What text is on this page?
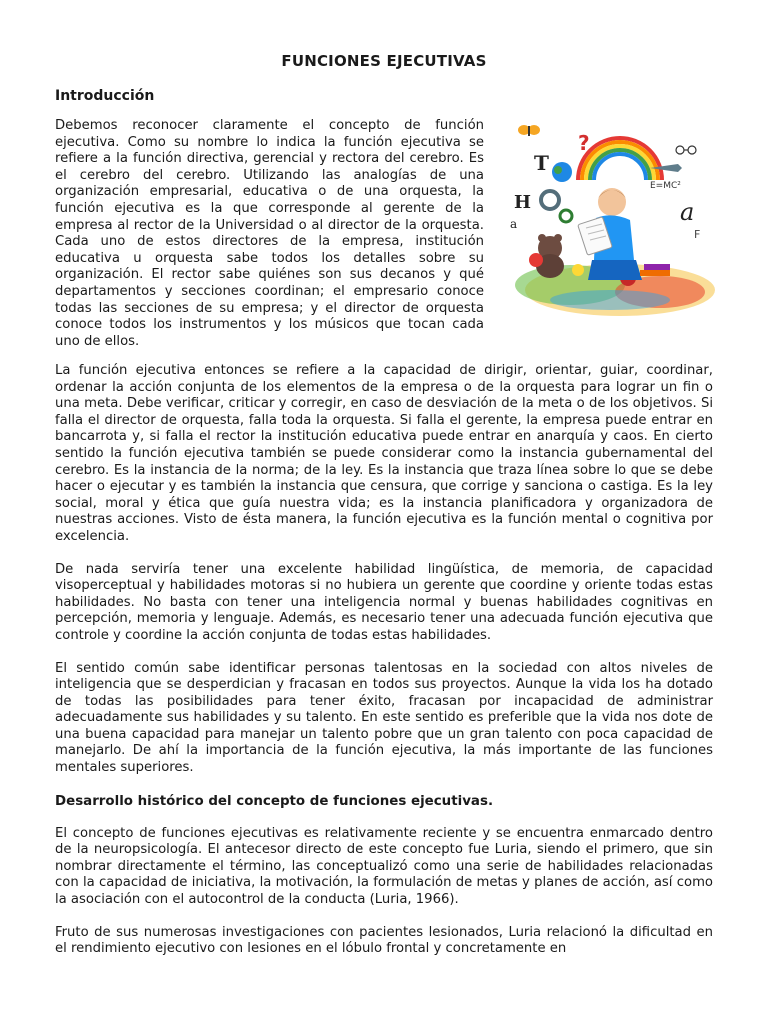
FUNCIONES EJECUTIVAS
Introducción

Debemos reconocer claramente el concepto de función ejecutiva. Como su nombre lo indica la función ejecutiva se refiere a la función directiva, gerencial y rectora del cerebro. Es el cerebro del cerebro. Utilizando las analogías de una organización empresarial, educativa o de una orquesta, la función ejecutiva es la que corresponde al gerente de la empresa al rector de la Universidad o al director de la orquesta. Cada uno de estos directores de la empresa, institución educativa u orquesta sabe todos los detalles sobre su organización. El rector sabe quiénes son sus decanos y qué departamentos y secciones coordinan; el empresario conoce todas las secciones de su empresa; y el director de orquesta conoce todos los instrumentos y los músicos que tocan cada uno de ellos.

?
T
H
a	a
F
E=MC²

La función ejecutiva entonces se refiere a la capacidad de dirigir, orientar, guiar, coordinar, ordenar la acción conjunta de los elementos de la empresa o de la orquesta para lograr un fin o una meta. Debe verificar, criticar y corregir, en caso de desviación de la meta o de los objetivos. Si falla el director de orquesta, falla toda la orquesta. Si falla el gerente, la empresa puede entrar en bancarrota y, si falla el rector la institución educativa puede entrar en anarquía y caos. En cierto sentido la función ejecutiva también se puede considerar como la instancia gubernamental del cerebro. Es la instancia de la norma; de la ley. Es la instancia que traza línea sobre lo que se debe hacer o ejecutar y es también la instancia que censura, que corrige y sanciona o castiga. Es la ley social, moral y ética que guía nuestra vida; es la instancia planificadora y organizadora de nuestras acciones. Visto de ésta manera, la función ejecutiva es la función mental o cognitiva por excelencia.

De nada serviría tener una excelente habilidad lingüística, de memoria, de capacidad visoperceptual y habilidades motoras si no hubiera un gerente que coordine y oriente todas estas habilidades. No basta con tener una inteligencia normal y buenas habilidades cognitivas en percepción, memoria y lenguaje. Además, es necesario tener una adecuada función ejecutiva que controle y coordine la acción conjunta de todas estas habilidades.

El sentido común sabe identificar personas talentosas en la sociedad con altos niveles de inteligencia que se desperdician y fracasan en todos sus proyectos. Aunque la vida los ha dotado de todas las posibilidades para tener éxito, fracasan por incapacidad de administrar adecuadamente sus habilidades y su talento. En este sentido es preferible que la vida nos dote de una buena capacidad para manejar un talento pobre que un gran talento con poca capacidad de manejarlo. De ahí la importancia de la función ejecutiva, la más importante de las funciones mentales superiores.

Desarrollo histórico del concepto de funciones ejecutivas.

El concepto de funciones ejecutivas es relativamente reciente y se encuentra enmarcado dentro de la neuropsicología. El antecesor directo de este concepto fue Luria, siendo el primero, que sin nombrar directamente el término, las conceptualizó como una serie de habilidades relacionadas con la capacidad de iniciativa, la motivación, la formulación de metas y planes de acción, así como la asociación con el autocontrol de la conducta (Luria, 1966).

Fruto de sus numerosas investigaciones con pacientes lesionados, Luria relacionó la dificultad en el rendimiento ejecutivo con lesiones en el lóbulo frontal y concretamente en
